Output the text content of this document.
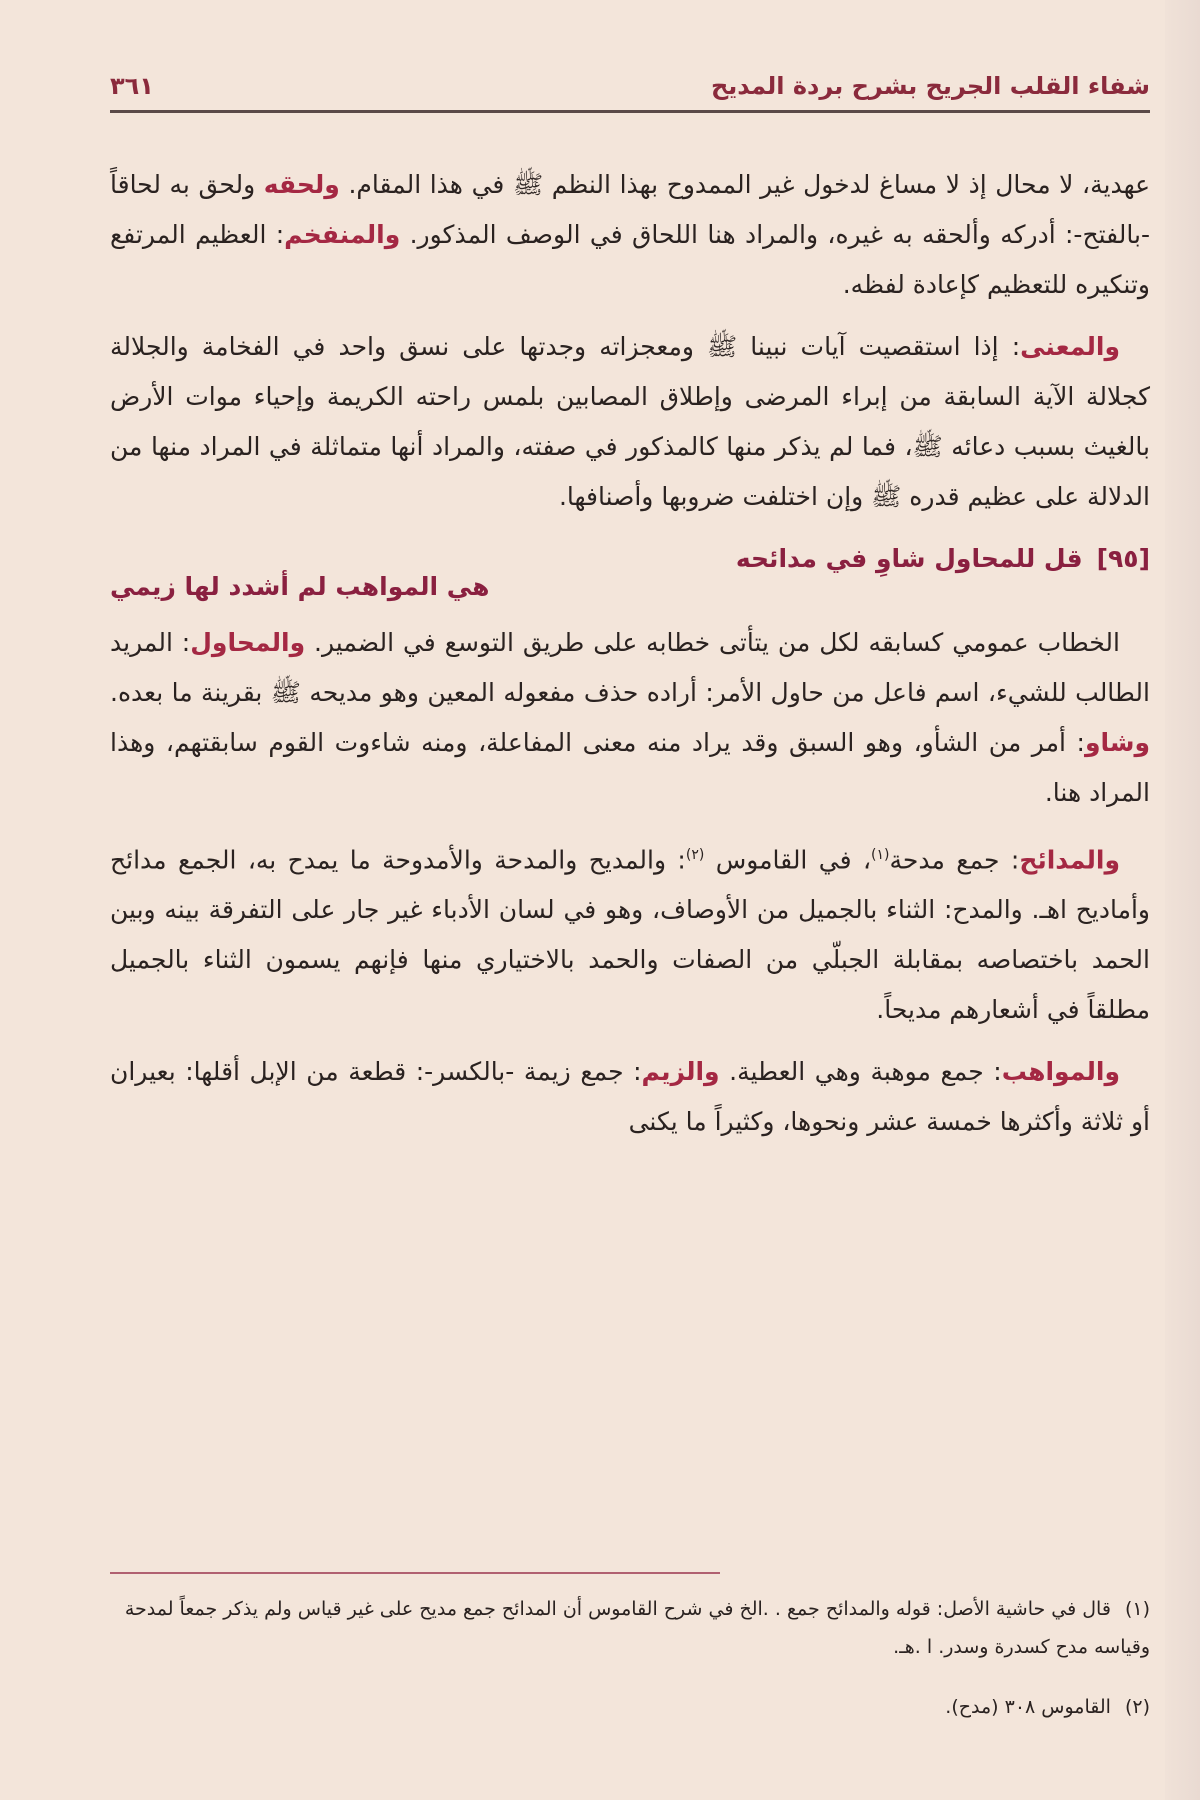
شفاء القلب الجريح بشرح بردة المديح
٣٦١

عهدية، لا محال إذ لا مساغ لدخول غير الممدوح بهذا النظم ﷺ في هذا المقام. ولحقه ولحق به لحاقاً -بالفتح-: أدركه وألحقه به غيره، والمراد هنا اللحاق في الوصف المذكور. والمنفخم: العظيم المرتفع وتنكيره للتعظيم كإعادة لفظه.

والمعنى: إذا استقصيت آيات نبينا ﷺ ومعجزاته وجدتها على نسق واحد في الفخامة والجلالة كجلالة الآية السابقة من إبراء المرضى وإطلاق المصابين بلمس راحته الكريمة وإحياء موات الأرض بالغيث بسبب دعائه ﷺ، فما لم يذكر منها كالمذكور في صفته، والمراد أنها متماثلة في المراد منها من الدلالة على عظيم قدره ﷺ وإن اختلفت ضروبها وأصنافها.

[٩٥]قل للمحاول شاوِ في مدائحه
هي المواهب لم أشدد لها زيمي

الخطاب عمومي كسابقه لكل من يتأتى خطابه على طريق التوسع في الضمير. والمحاول: المريد الطالب للشيء، اسم فاعل من حاول الأمر: أراده حذف مفعوله المعين وهو مديحه ﷺ بقرينة ما بعده. وشاو: أمر من الشأو، وهو السبق وقد يراد منه معنى المفاعلة، ومنه شاءوت القوم سابقتهم، وهذا المراد هنا.

والمدائح: جمع مدحة$^{(١)}$، في القاموس $^{(٢)}$: والمديح والمدحة والأمدوحة ما يمدح به، الجمع مدائح وأماديح اهـ. والمدح: الثناء بالجميل من الأوصاف، وهو في لسان الأدباء غير جار على التفرقة بينه وبين الحمد باختصاصه بمقابلة الجبلّي من الصفات والحمد بالاختياري منها فإنهم يسمون الثناء بالجميل مطلقاً في أشعارهم مديحاً.

والمواهب: جمع موهبة وهي العطية. والزيم: جمع زيمة -بالكسر-: قطعة من الإبل أقلها: بعيران أو ثلاثة وأكثرها خمسة عشر ونحوها، وكثيراً ما يكنى

(١)قال في حاشية الأصل: قوله والمدائح جمع . .الخ في شرح القاموس أن المدائح جمع مديح على غير قياس ولم يذكر جمعاً لمدحة وقياسه مدح كسدرة وسدر. ا .هـ.

(٢)القاموس ٣٠٨ (مدح).
